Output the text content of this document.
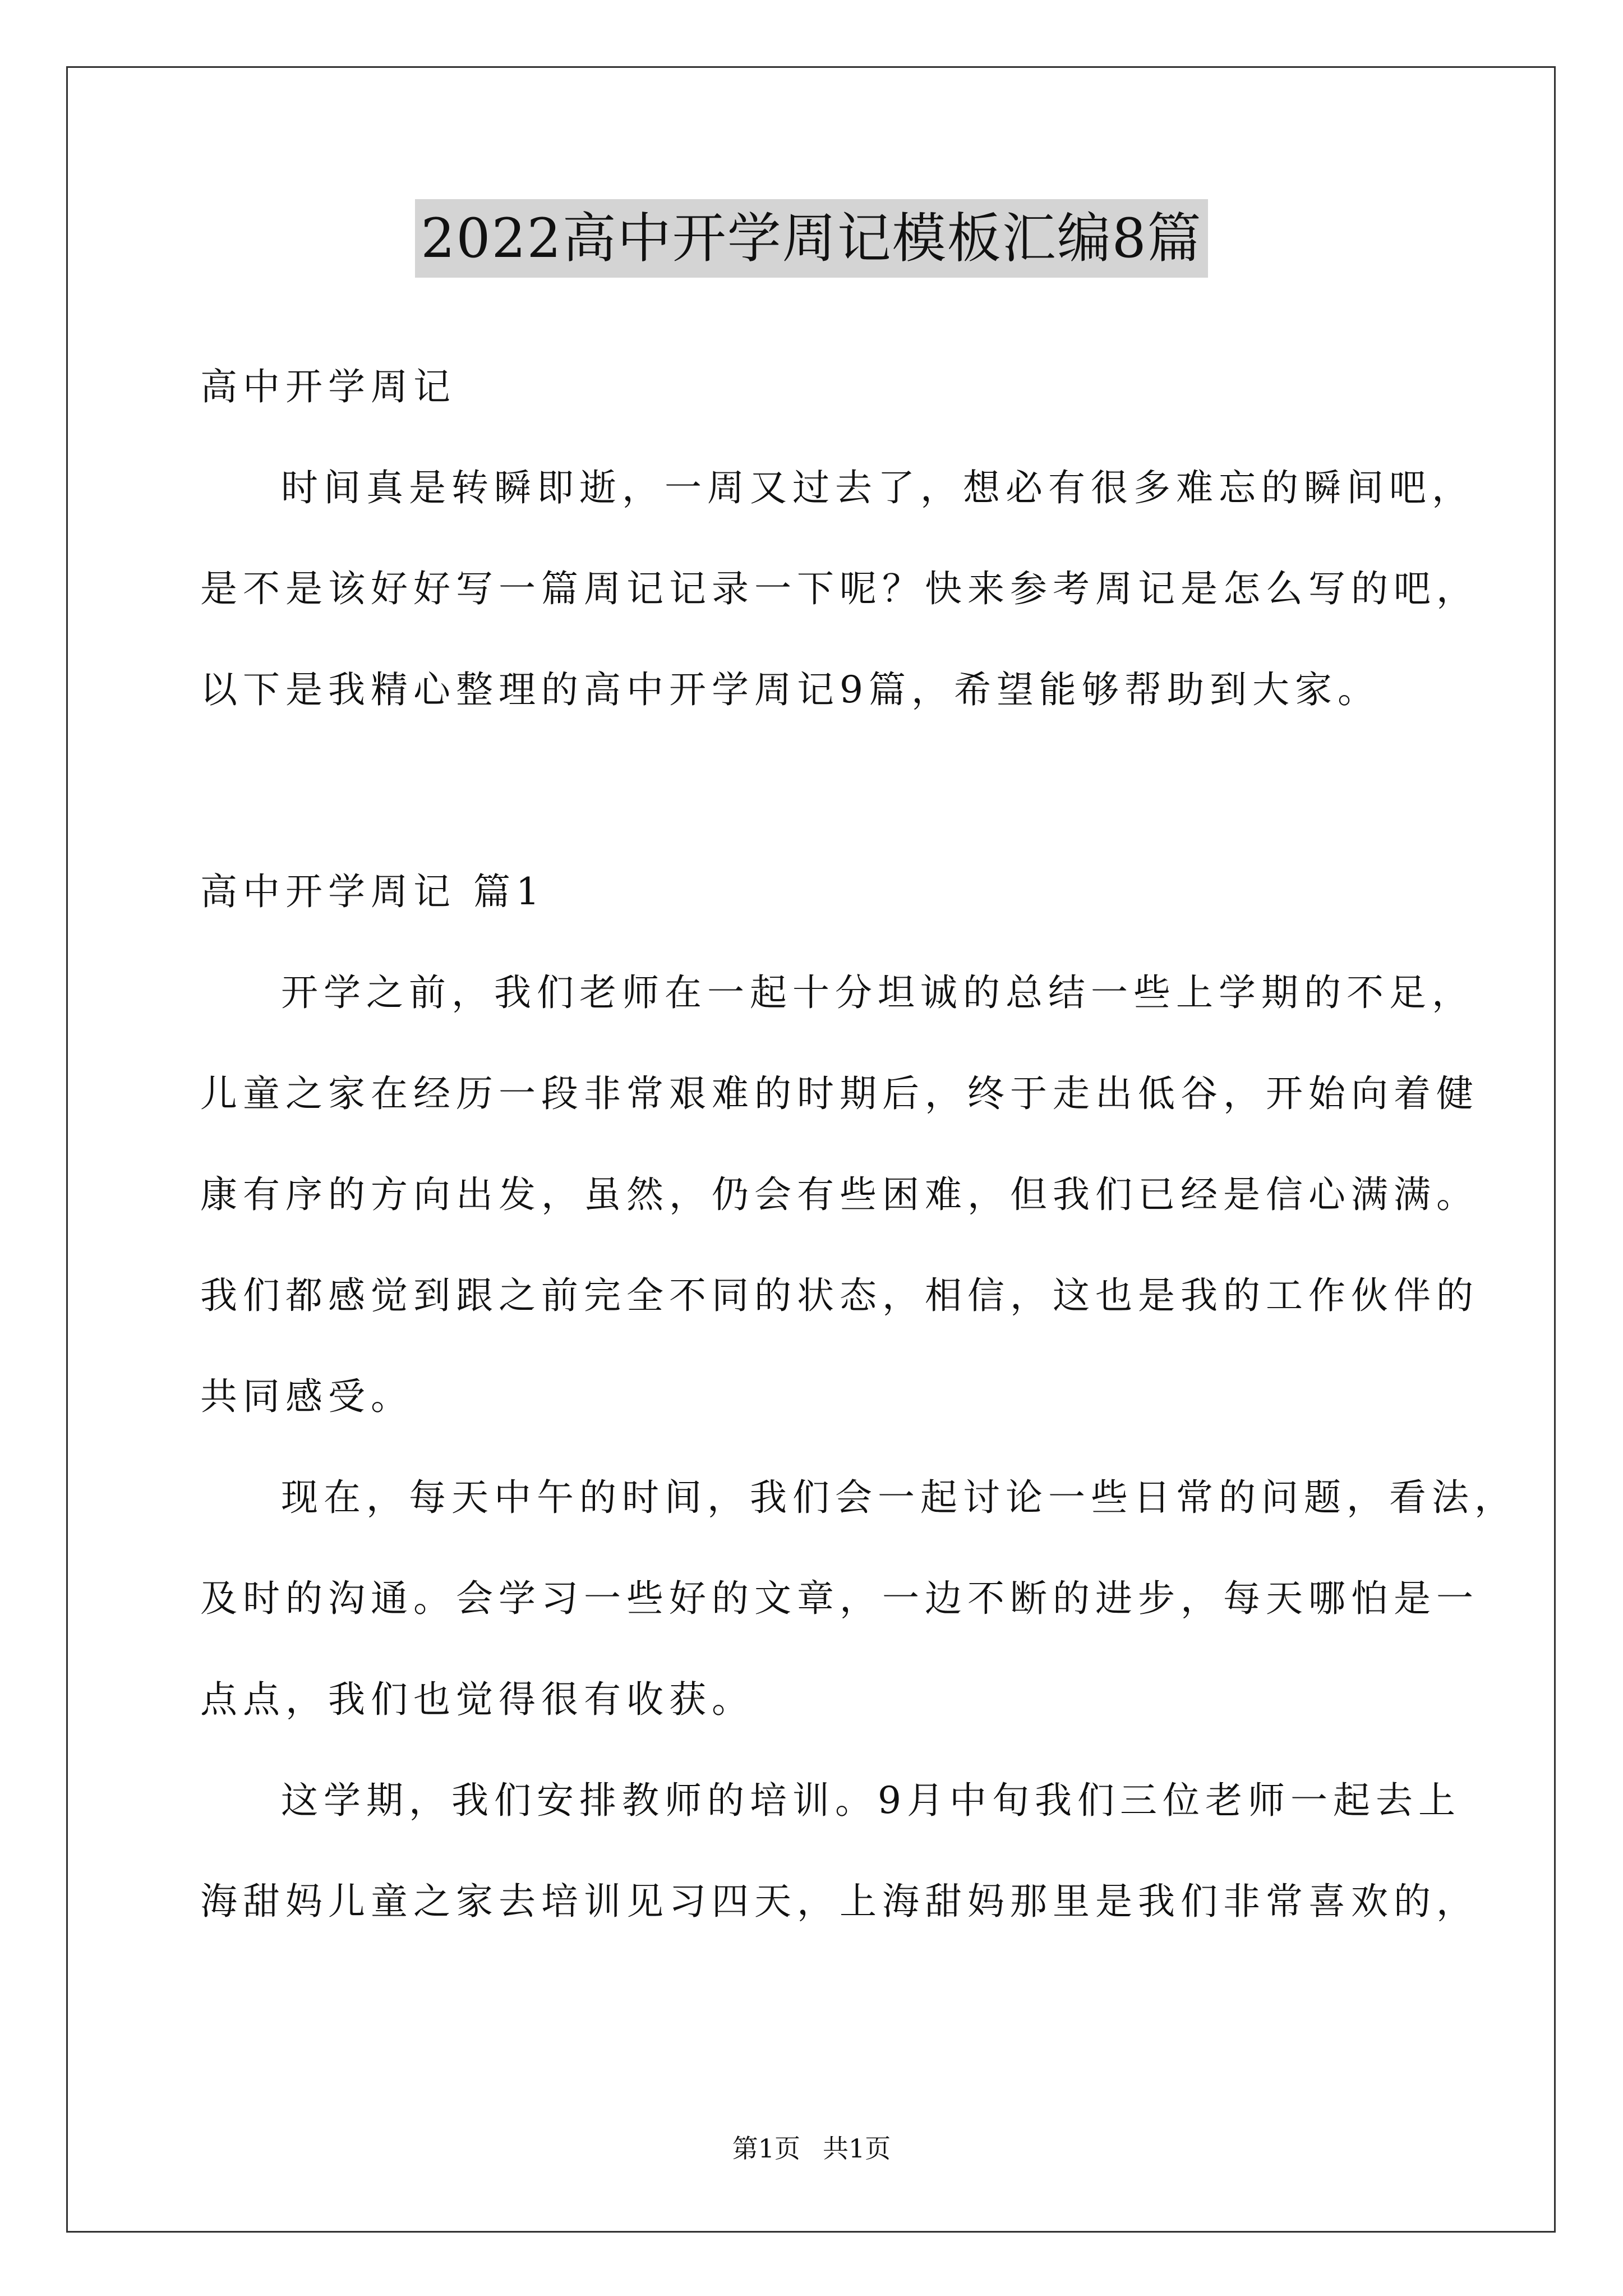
2022高中开学周记模板汇编8篇
高中开学周记
时间真是转瞬即逝，一周又过去了，想必有很多难忘的瞬间吧，
是不是该好好写一篇周记记录一下呢？快来参考周记是怎么写的吧，
以下是我精心整理的高中开学周记9篇，希望能够帮助到大家。
高中开学周记 篇1
开学之前，我们老师在一起十分坦诚的总结一些上学期的不足，
儿童之家在经历一段非常艰难的时期后，终于走出低谷，开始向着健
康有序的方向出发，虽然，仍会有些困难，但我们已经是信心满满。
我们都感觉到跟之前完全不同的状态，相信，这也是我的工作伙伴的
共同感受。
现在，每天中午的时间，我们会一起讨论一些日常的问题，看法，
及时的沟通。会学习一些好的文章，一边不断的进步，每天哪怕是一
点点，我们也觉得很有收获。
这学期，我们安排教师的培训。9月中旬我们三位老师一起去上
海甜妈儿童之家去培训见习四天，上海甜妈那里是我们非常喜欢的，
第1页 共1页
